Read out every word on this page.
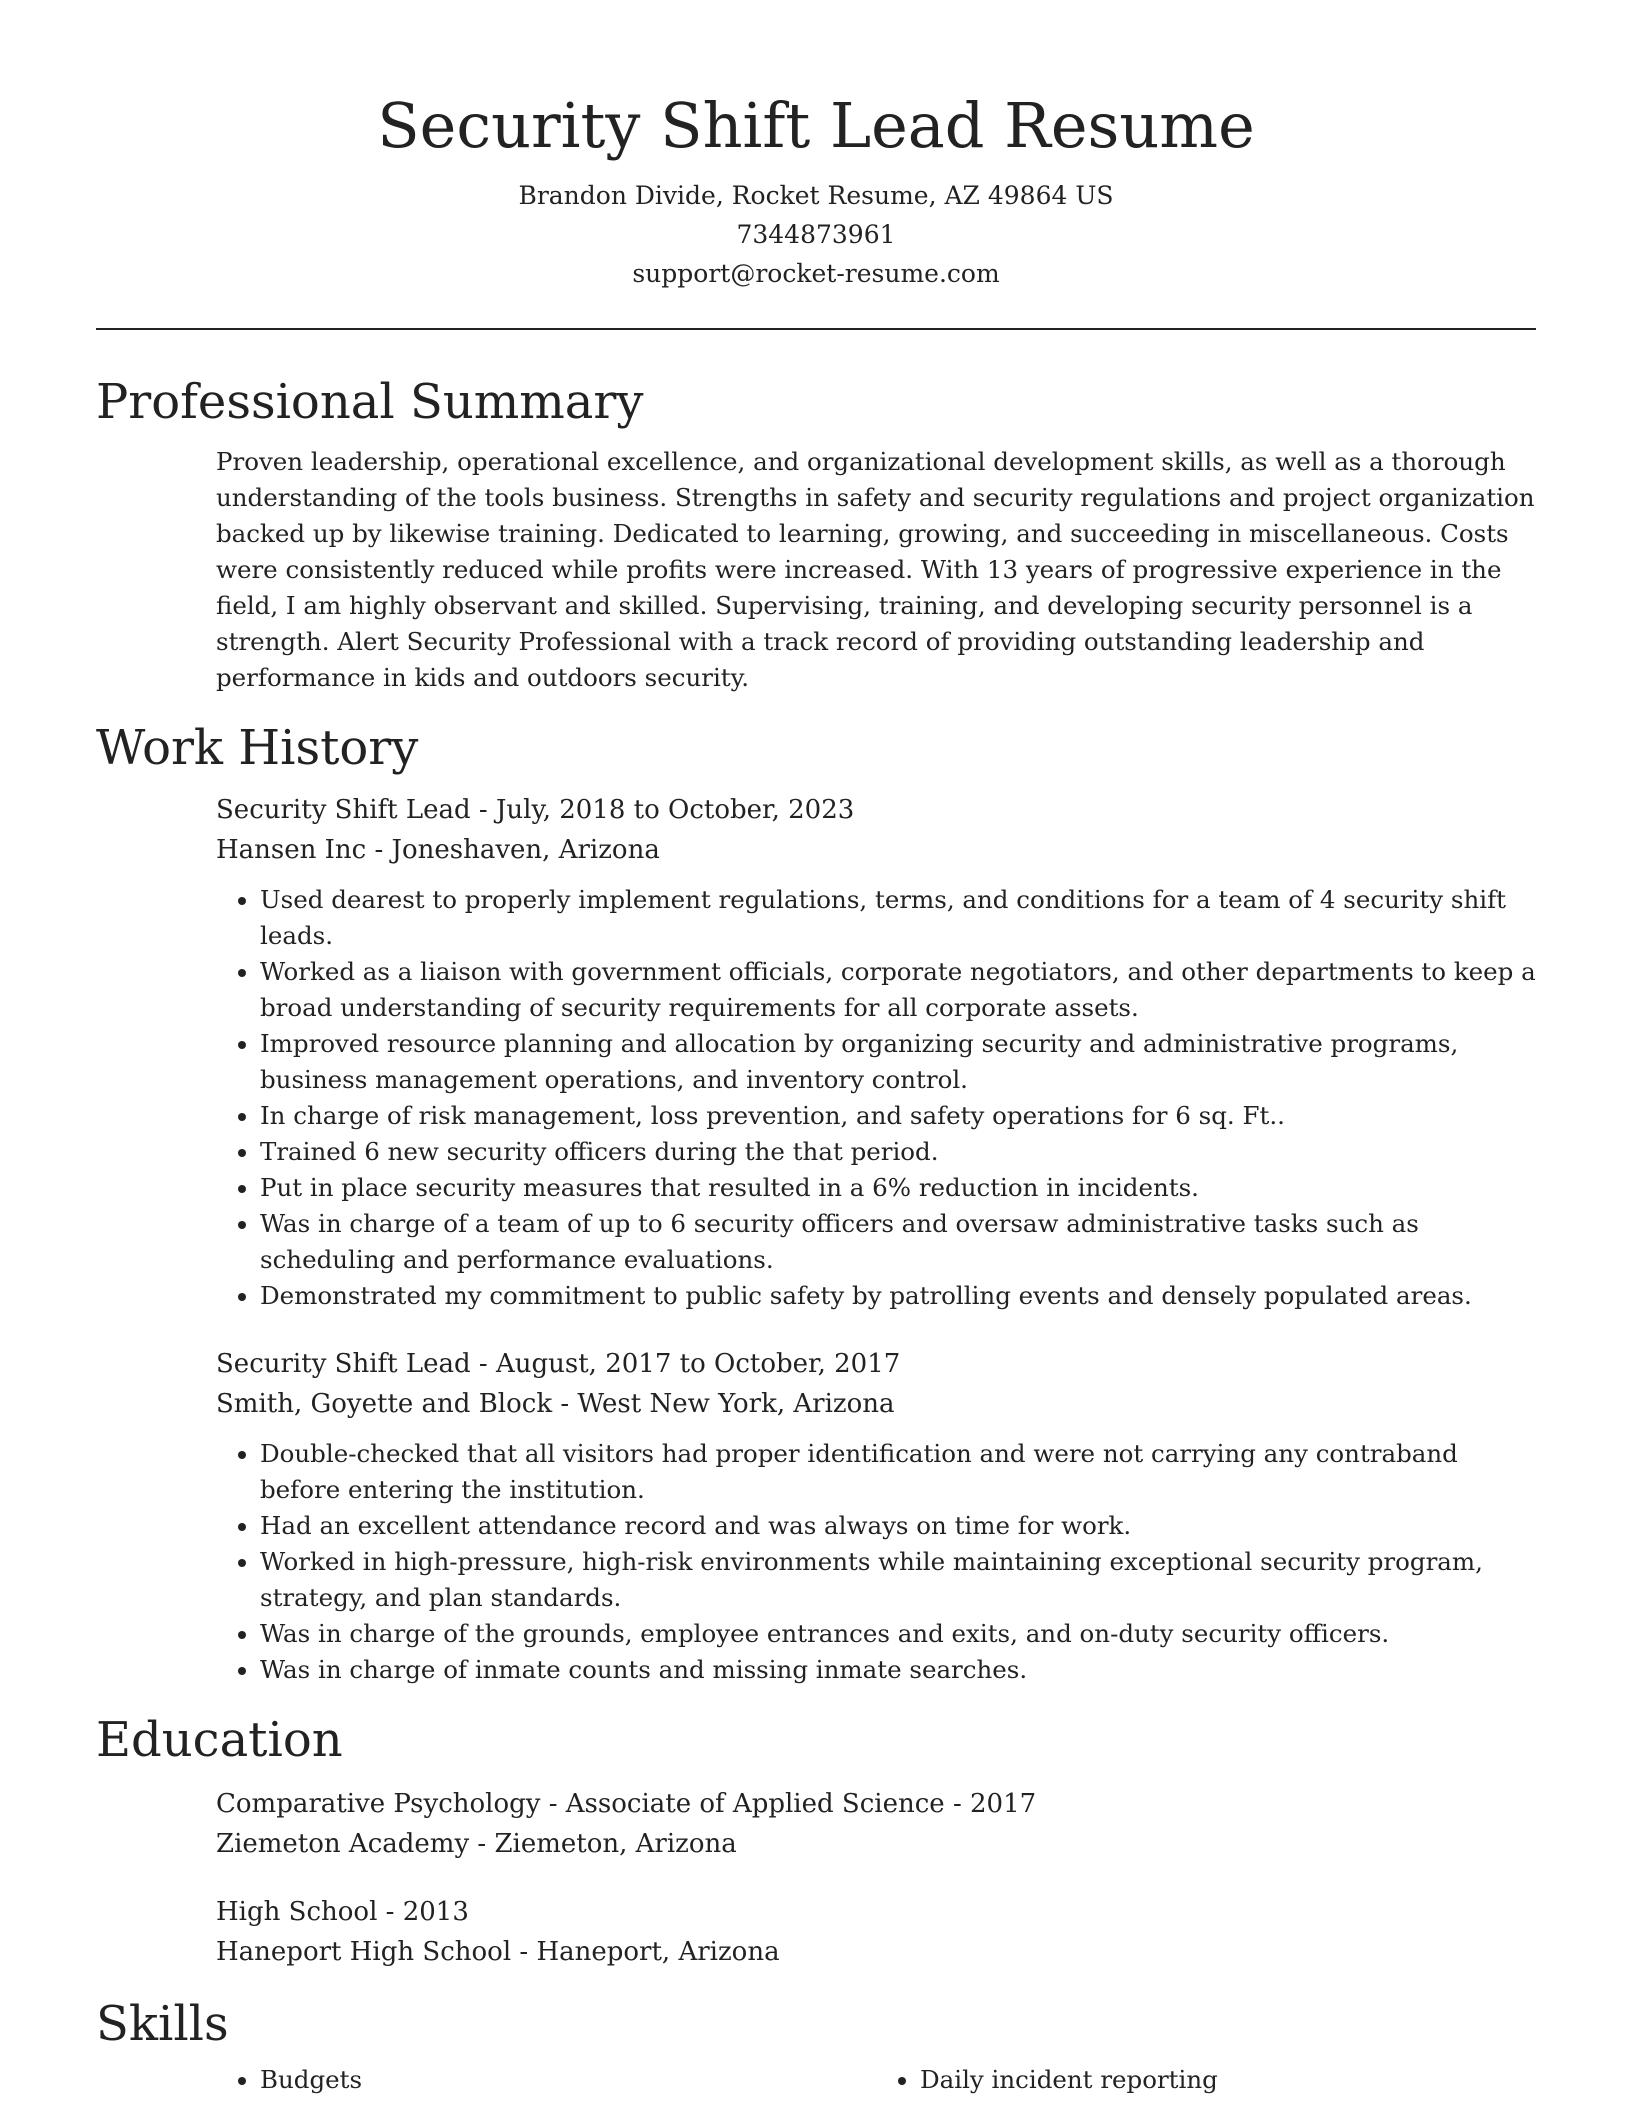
Security Shift Lead Resume
Brandon Divide, Rocket Resume, AZ 49864 US
7344873961
support@rocket-resume.com
Professional Summary
Proven leadership, operational excellence, and organizational development skills, as well as a thorough understanding of the tools business. Strengths in safety and security regulations and project organization backed up by likewise training. Dedicated to learning, growing, and succeeding in miscellaneous. Costs were consistently reduced while profits were increased. With 13 years of progressive experience in the field, I am highly observant and skilled. Supervising, training, and developing security personnel is a strength. Alert Security Professional with a track record of providing outstanding leadership and performance in kids and outdoors security.
Work History
Security Shift Lead - July, 2018 to October, 2023
Hansen Inc - Joneshaven, Arizona
• Used dearest to properly implement regulations, terms, and conditions for a team of 4 security shift leads.
• Worked as a liaison with government officials, corporate negotiators, and other departments to keep a broad understanding of security requirements for all corporate assets.
• Improved resource planning and allocation by organizing security and administrative programs, business management operations, and inventory control.
• In charge of risk management, loss prevention, and safety operations for 6 sq. Ft..
• Trained 6 new security officers during the that period.
• Put in place security measures that resulted in a 6% reduction in incidents.
• Was in charge of a team of up to 6 security officers and oversaw administrative tasks such as scheduling and performance evaluations.
• Demonstrated my commitment to public safety by patrolling events and densely populated areas.
Security Shift Lead - August, 2017 to October, 2017
Smith, Goyette and Block - West New York, Arizona
• Double-checked that all visitors had proper identification and were not carrying any contraband before entering the institution.
• Had an excellent attendance record and was always on time for work.
• Worked in high-pressure, high-risk environments while maintaining exceptional security program, strategy, and plan standards.
• Was in charge of the grounds, employee entrances and exits, and on-duty security officers.
• Was in charge of inmate counts and missing inmate searches.
Education
Comparative Psychology - Associate of Applied Science - 2017
Ziemeton Academy - Ziemeton, Arizona
High School - 2013
Haneport High School - Haneport, Arizona
Skills
• Budgets
•	Daily incident reporting
